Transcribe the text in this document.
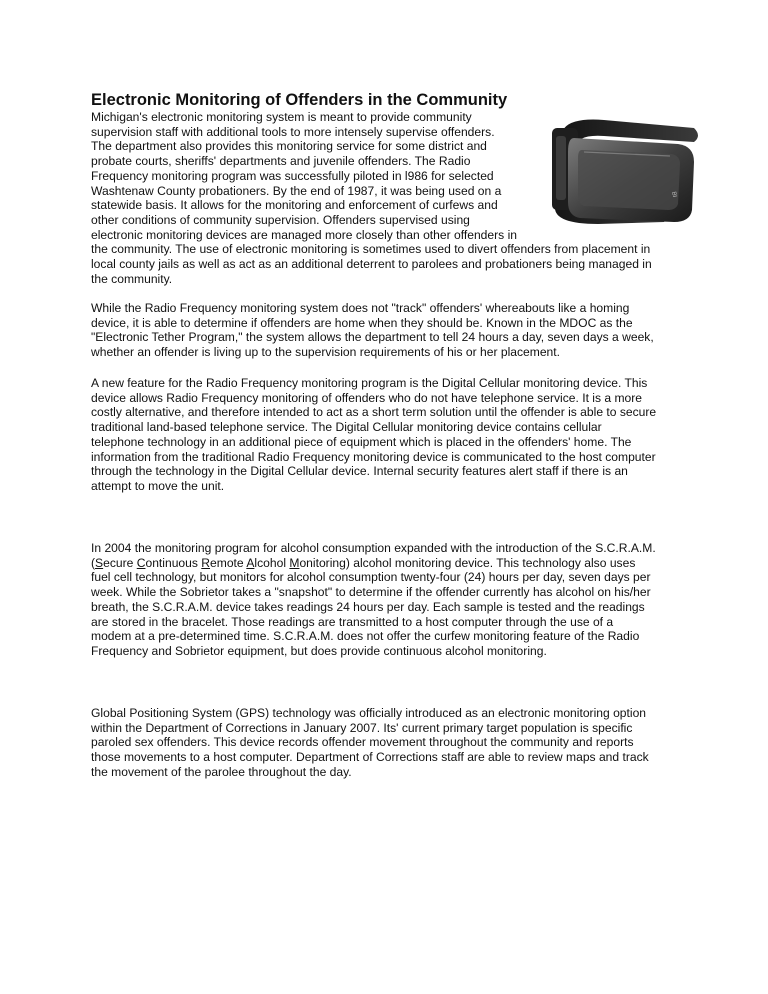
Electronic Monitoring of Offenders in the Community

Michigan's electronic monitoring system is meant to provide community
supervision staff with additional tools to more intensely supervise offenders.
The department also provides this monitoring service for some district and
probate courts, sheriffs' departments and juvenile offenders. The Radio
Frequency monitoring program was successfully piloted in l986 for selected
Washtenaw County probationers. By the end of 1987, it was being used on a
statewide basis. It allows for the monitoring and enforcement of curfews and
other conditions of community supervision. Offenders supervised using
electronic monitoring devices are managed more closely than other offenders in
the community. The use of electronic monitoring is sometimes used to divert offenders from placement in
local county jails as well as act as an additional deterrent to parolees and probationers being managed in
the community.

BI

While the Radio Frequency monitoring system does not "track" offenders' whereabouts like a homing
device, it is able to determine if offenders are home when they should be. Known in the MDOC as the
"Electronic Tether Program," the system allows the department to tell 24 hours a day, seven days a week,
whether an offender is living up to the supervision requirements of his or her placement.

A new feature for the Radio Frequency monitoring program is the Digital Cellular monitoring device. This
device allows Radio Frequency monitoring of offenders who do not have telephone service. It is a more
costly alternative, and therefore intended to act as a short term solution until the offender is able to secure
traditional land-based telephone service. The Digital Cellular monitoring device contains cellular
telephone technology in an additional piece of equipment which is placed in the offenders' home. The
information from the traditional Radio Frequency monitoring device is communicated to the host computer
through the technology in the Digital Cellular device. Internal security features alert staff if there is an
attempt to move the unit.

In 2004 the monitoring program for alcohol consumption expanded with the introduction of the S.C.R.A.M.
(Secure Continuous Remote Alcohol Monitoring) alcohol monitoring device. This technology also uses
fuel cell technology, but monitors for alcohol consumption twenty-four (24) hours per day, seven days per
week. While the Sobrietor takes a "snapshot" to determine if the offender currently has alcohol on his/her
breath, the S.C.R.A.M. device takes readings 24 hours per day. Each sample is tested and the readings
are stored in the bracelet. Those readings are transmitted to a host computer through the use of a
modem at a pre-determined time. S.C.R.A.M. does not offer the curfew monitoring feature of the Radio
Frequency and Sobrietor equipment, but does provide continuous alcohol monitoring.

Global Positioning System (GPS) technology was officially introduced as an electronic monitoring option
within the Department of Corrections in January 2007. Its' current primary target population is specific
paroled sex offenders. This device records offender movement throughout the community and reports
those movements to a host computer. Department of Corrections staff are able to review maps and track
the movement of the parolee throughout the day.
